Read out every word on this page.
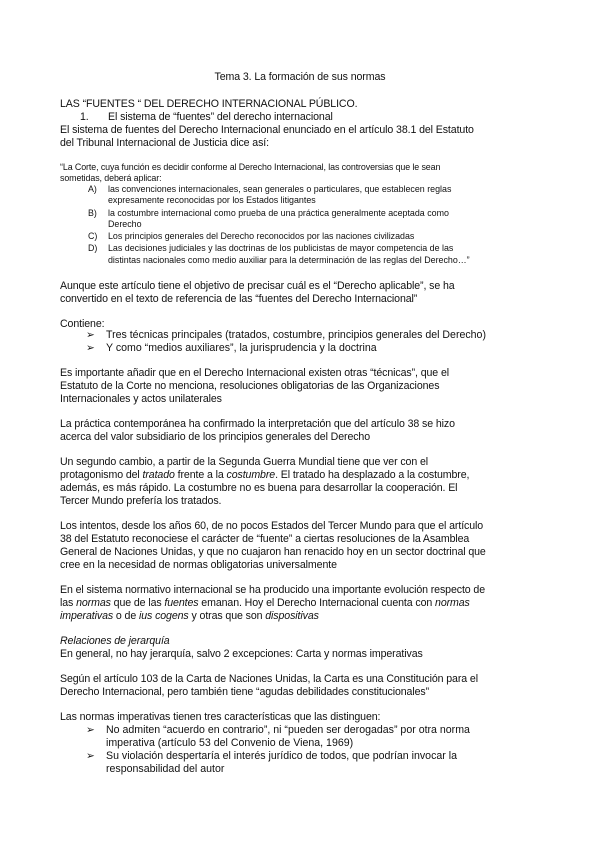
Tema 3. La formación de sus normas
LAS “FUENTES “ DEL DERECHO INTERNACIONAL PÚBLICO.
1. El sistema de “fuentes” del derecho internacional
El sistema de fuentes del Derecho Internacional enunciado en el artículo 38.1 del Estatuto
del Tribunal Internacional de Justicia dice así:
“La Corte, cuya función es decidir conforme al Derecho Internacional, las controversias que le sean
sometidas, deberá aplicar:
A) las convenciones internacionales, sean generales o particulares, que establecen reglas
expresamente reconocidas por los Estados litigantes
B) la costumbre internacional como prueba de una práctica generalmente aceptada como
Derecho
C) Los principios generales del Derecho reconocidos por las naciones civilizadas
D) Las decisiones judiciales y las doctrinas de los publicistas de mayor competencia de las
distintas nacionales como medio auxiliar para la determinación de las reglas del Derecho…”
Aunque este artículo tiene el objetivo de precisar cuál es el “Derecho aplicable”, se ha
convertido en el texto de referencia de las “fuentes del Derecho Internacional”
Contiene:
➢ Tres técnicas principales (tratados, costumbre, principios generales del Derecho)
➢ Y como “medios auxiliares”, la jurisprudencia y la doctrina
Es importante añadir que en el Derecho Internacional existen otras “técnicas”, que el
Estatuto de la Corte no menciona, resoluciones obligatorias de las Organizaciones
Internacionales y actos unilaterales
La práctica contemporánea ha confirmado la interpretación que del artículo 38 se hizo
acerca del valor subsidiario de los principios generales del Derecho
Un segundo cambio, a partir de la Segunda Guerra Mundial tiene que ver con el
protagonismo del tratado frente a la costumbre. El tratado ha desplazado a la costumbre,
además, es más rápido. La costumbre no es buena para desarrollar la cooperación. El
Tercer Mundo prefería los tratados.
Los intentos, desde los años 60, de no pocos Estados del Tercer Mundo para que el artículo
38 del Estatuto reconociese el carácter de “fuente” a ciertas resoluciones de la Asamblea
General de Naciones Unidas, y que no cuajaron han renacido hoy en un sector doctrinal que
cree en la necesidad de normas obligatorias universalmente
En el sistema normativo internacional se ha producido una importante evolución respecto de
las normas que de las fuentes emanan. Hoy el Derecho Internacional cuenta con normas
imperativas o de ius cogens y otras que son dispositivas
Relaciones de jerarquía
En general, no hay jerarquía, salvo 2 excepciones: Carta y normas imperativas
Según el artículo 103 de la Carta de Naciones Unidas, la Carta es una Constitución para el
Derecho Internacional, pero también tiene “agudas debilidades constitucionales”
Las normas imperativas tienen tres características que las distinguen:
➢ No admiten “acuerdo en contrario”, ni “pueden ser derogadas” por otra norma
imperativa (artículo 53 del Convenio de Viena, 1969)
➢ Su violación despertaría el interés jurídico de todos, que podrían invocar la
responsabilidad del autor
